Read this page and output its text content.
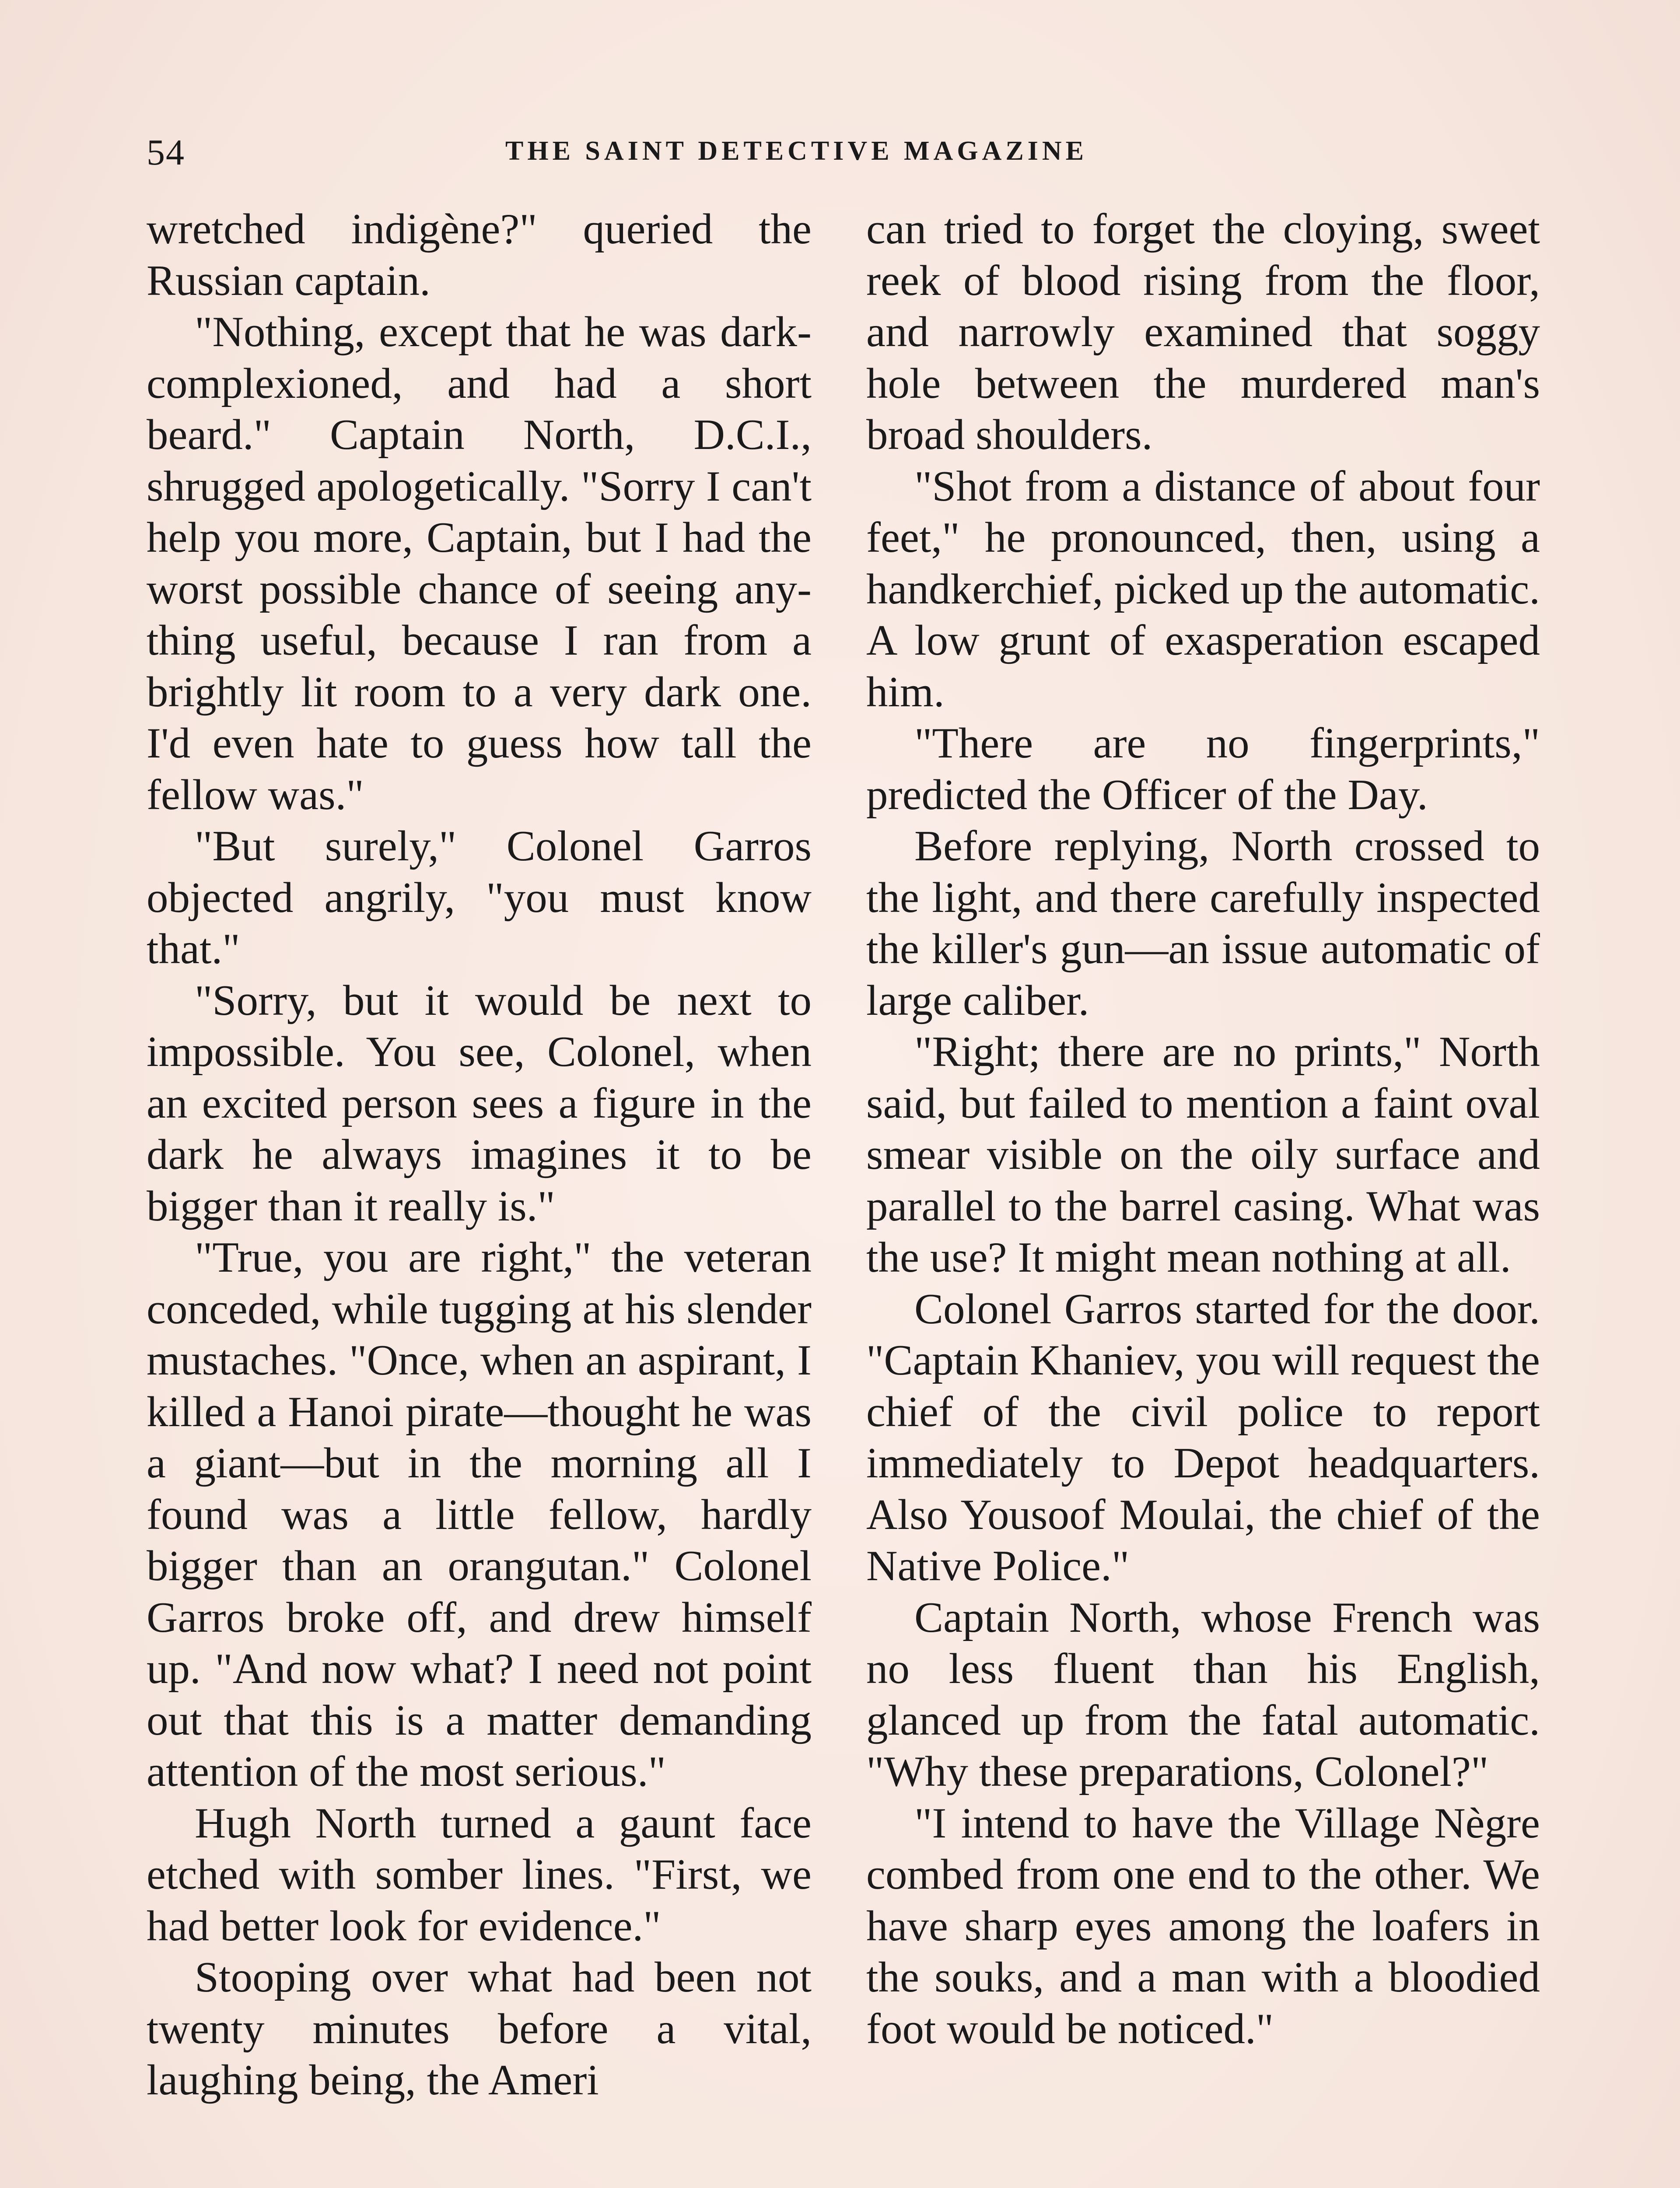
54	THE SAINT DETECTIVE MAGAZINE

wretched indigène?" queried the Russian captain.

"Nothing, except that he was dark-complexioned, and had a short beard." Captain North, D.C.I., shrugged apologetically. "Sorry I can't help you more, Captain, but I had the worst possible chance of seeing anything useful, because I ran from a brightly lit room to a very dark one. I'd even hate to guess how tall the fellow was."

"But surely," Colonel Garros objected angrily, "you must know that."

"Sorry, but it would be next to impossible. You see, Colonel, when an excited person sees a figure in the dark he always imagines it to be bigger than it really is."

"True, you are right," the veteran conceded, while tugging at his slender mustaches. "Once, when an aspirant, I killed a Hanoi pirate—thought he was a giant—but in the morning all I found was a little fellow, hardly bigger than an orangutan." Colonel Garros broke off, and drew himself up. "And now what? I need not point out that this is a matter demanding attention of the most serious."

Hugh North turned a gaunt face etched with somber lines. "First, we had better look for evidence."

Stooping over what had been not twenty minutes before a vital, laughing being, the Ameri

can tried to forget the cloying, sweet reek of blood rising from the floor, and narrowly examined that soggy hole between the murdered man's broad shoulders.

"Shot from a distance of about four feet," he pronounced, then, using a handkerchief, picked up the automatic. A low grunt of exasperation escaped him.

"There are no fingerprints," predicted the Officer of the Day.

Before replying, North crossed to the light, and there carefully inspected the killer's gun—an issue automatic of large caliber.

"Right; there are no prints," North said, but failed to mention a faint oval smear visible on the oily surface and parallel to the barrel casing. What was the use? It might mean nothing at all.

Colonel Garros started for the door. "Captain Khaniev, you will request the chief of the civil police to report immediately to Depot headquarters. Also Yousoof Moulai, the chief of the Native Police."

Captain North, whose French was no less fluent than his English, glanced up from the fatal automatic. "Why these preparations, Colonel?"

"I intend to have the Village Nègre combed from one end to the other. We have sharp eyes among the loafers in the souks, and a man with a bloodied foot would be noticed."
